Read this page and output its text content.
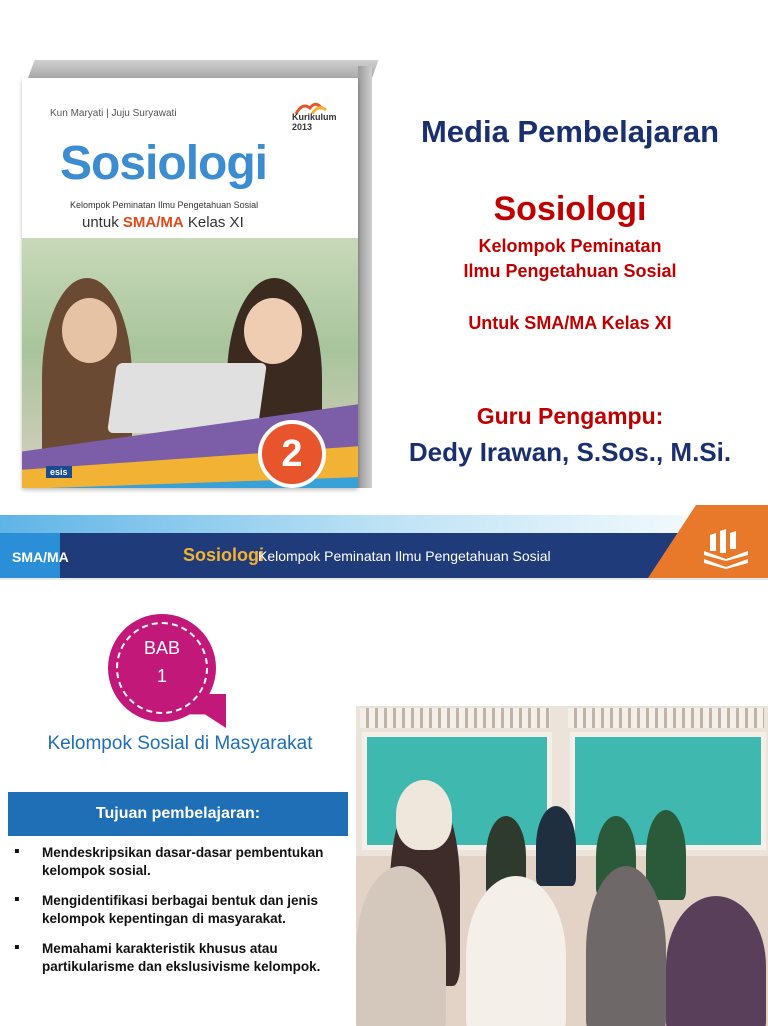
Kun Maryati | Juju Suryawati	Kurikulum 2013
Sosiologi
Kelompok Peminatan Ilmu Pengetahuan Sosial
untuk SMA/MA Kelas XI
2
esis
Media Pembelajaran
Sosiologi
Kelompok Peminatan
Ilmu Pengetahuan Sosial
Untuk SMA/MA Kelas XI
Guru Pengampu:
Dedy Irawan, S.Sos., M.Si.
SMA/MA	Sosiologi
Kelompok Peminatan Ilmu Pengetahuan Sosial
BAB
1
Kelompok Sosial di Masyarakat
Tujuan pembelajaran:
▪ Mendeskripsikan dasar-dasar pembentukan kelompok sosial.
▪ Mengidentifikasi berbagai bentuk dan jenis kelompok kepentingan di masyarakat.
▪ Memahami karakteristik khusus atau partikularisme dan ekslusivisme kelompok.
